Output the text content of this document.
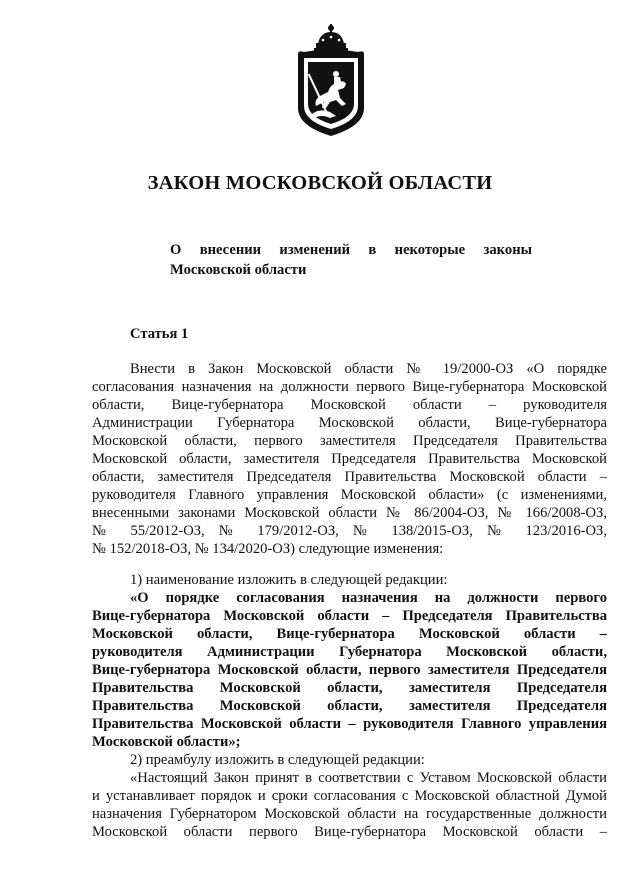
ЗАКОН МОСКОВСКОЙ ОБЛАСТИ
О внесении изменений в некоторые законы
Московской области
Статья 1
Внести в Закон Московской области № 19/2000-ОЗ «О порядке
согласования назначения на должности первого Вице-губернатора Московской
области, Вице-губернатора Московской области – руководителя
Администрации Губернатора Московской области, Вице-губернатора
Московской области, первого заместителя Председателя Правительства
Московской области, заместителя Председателя Правительства Московской
области, заместителя Председателя Правительства Московской области –
руководителя Главного управления Московской области» (с изменениями,
внесенными законами Московской области № 86/2004-ОЗ, № 166/2008-ОЗ,
№ 55/2012-ОЗ, № 179/2012-ОЗ, № 138/2015-ОЗ, № 123/2016-ОЗ,
№ 152/2018-ОЗ, № 134/2020-ОЗ) следующие изменения:
1) наименование изложить в следующей редакции:
«О порядке согласования назначения на должности первого
Вице-губернатора Московской области – Председателя Правительства
Московской области, Вице-губернатора Московской области –
руководителя Администрации Губернатора Московской области,
Вице-губернатора Московской области, первого заместителя Председателя
Правительства Московской области, заместителя Председателя
Правительства Московской области, заместителя Председателя
Правительства Московской области – руководителя Главного управления
Московской области»;
2) преамбулу изложить в следующей редакции:
«Настоящий Закон принят в соответствии с Уставом Московской области
и устанавливает порядок и сроки согласования с Московской областной Думой
назначения Губернатором Московской области на государственные должности
Московской области первого Вице-губернатора Московской области –
